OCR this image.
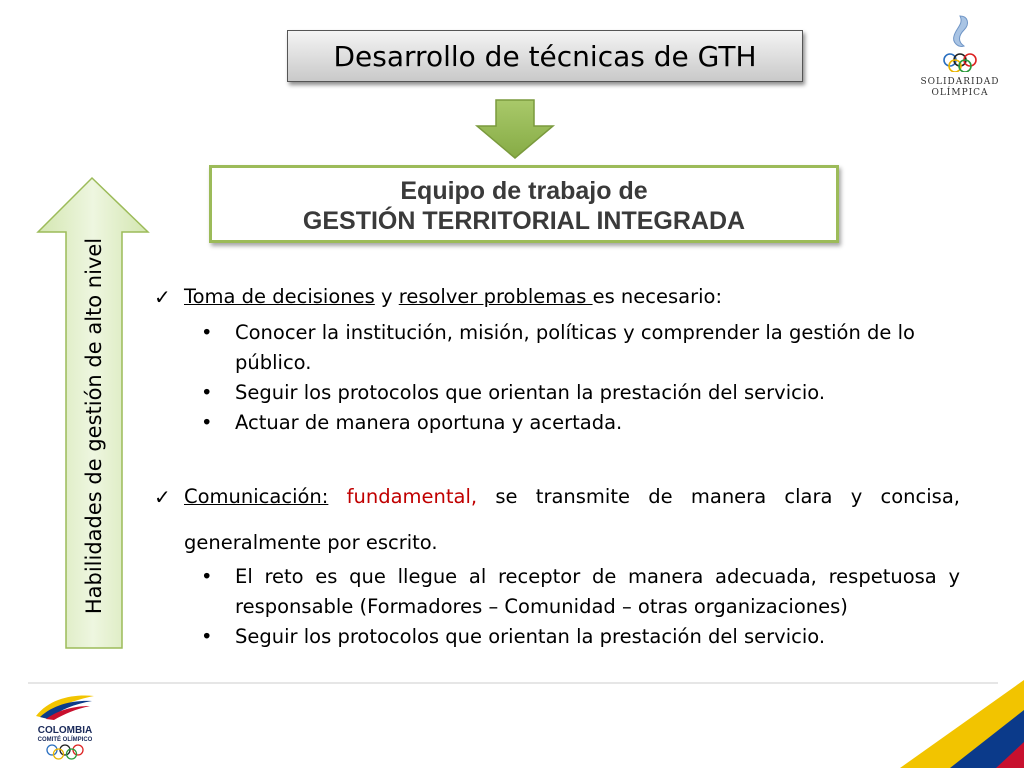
SOLIDARIDAD
OLÍMPICA
Desarrollo de técnicas de GTH
Equipo de trabajo de
GESTIÓN TERRITORIAL INTEGRADA
Habilidades de gestión de alto nivel	✓ Toma de decisiones y resolver problemas es necesario:
• Conocer la institución, misión, políticas y comprender la gestión de lo público.
• Seguir los protocolos que orientan la prestación del servicio.
• Actuar de manera oportuna y acertada.
✓ Comunicación: fundamental, se transmite de manera clara y concisa,
generalmente por escrito.
• El reto es que llegue al receptor de manera adecuada, respetuosa y responsable (Formadores – Comunidad – otras organizaciones)
• Seguir los protocolos que orientan la prestación del servicio.
COLOMBIA
COMITÉ OLÍMPICO
